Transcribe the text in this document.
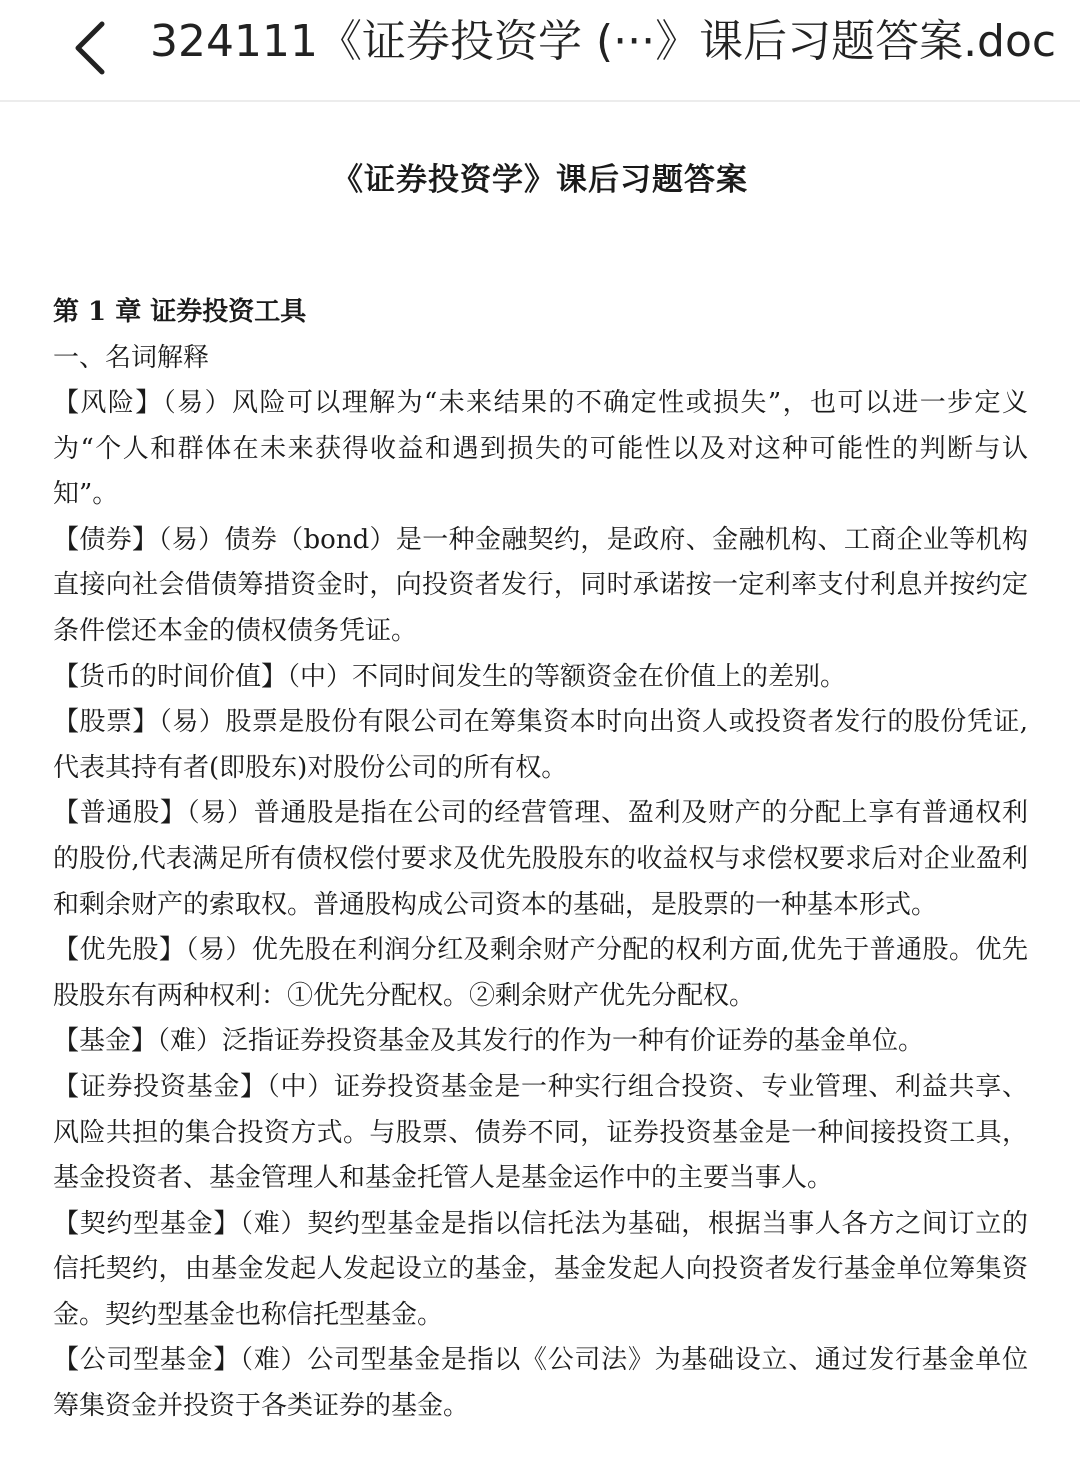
324111《证券投资学 (···》课后习题答案.doc
《证券投资学》课后习题答案
第 1 章 证券投资工具
一、名词解释

【风险】（易）风险可以理解为“未来结果的不确定性或损失”，也可以进一步定义为“个人和群体在未来获得收益和遇到损失的可能性以及对这种可能性的判断与认知”。

【债券】（易）债券（bond）是一种金融契约，是政府、金融机构、工商企业等机构直接向社会借债筹措资金时，向投资者发行，同时承诺按一定利率支付利息并按约定条件偿还本金的债权债务凭证。

【货币的时间价值】（中）不同时间发生的等额资金在价值上的差别。

【股票】（易）股票是股份有限公司在筹集资本时向出资人或投资者发行的股份凭证,代表其持有者(即股东)对股份公司的所有权。

【普通股】（易）普通股是指在公司的经营管理、盈利及财产的分配上享有普通权利的股份,代表满足所有债权偿付要求及优先股股东的收益权与求偿权要求后对企业盈利和剩余财产的索取权。普通股构成公司资本的基础，是股票的一种基本形式。

【优先股】（易）优先股在利润分红及剩余财产分配的权利方面,优先于普通股。优先股股东有两种权利：①优先分配权。②剩余财产优先分配权。

【基金】（难）泛指证券投资基金及其发行的作为一种有价证券的基金单位。

【证券投资基金】（中）证券投资基金是一种实行组合投资、专业管理、利益共享、风险共担的集合投资方式。与股票、债券不同，证券投资基金是一种间接投资工具，基金投资者、基金管理人和基金托管人是基金运作中的主要当事人。

【契约型基金】（难）契约型基金是指以信托法为基础，根据当事人各方之间订立的信托契约，由基金发起人发起设立的基金，基金发起人向投资者发行基金单位筹集资金。契约型基金也称信托型基金。

【公司型基金】（难）公司型基金是指以《公司法》为基础设立、通过发行基金单位筹集资金并投资于各类证券的基金。
